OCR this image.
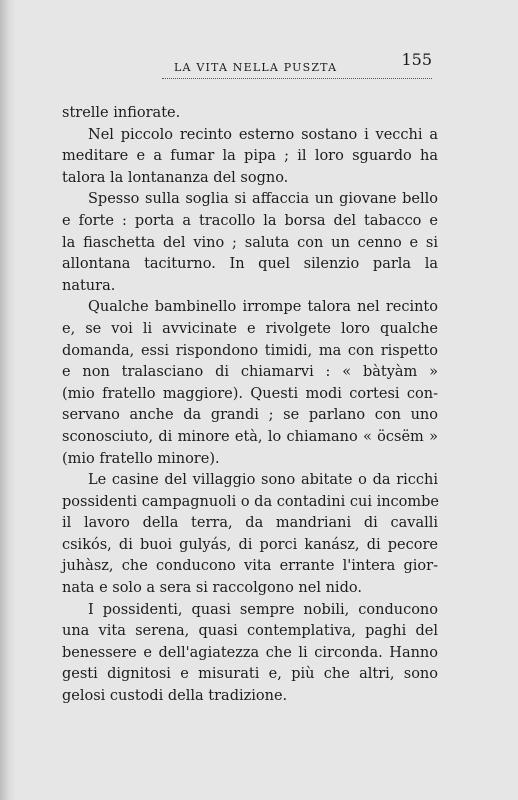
LA VITA NELLA PUSZTA	155
strelle infiorate.
Nel piccolo recinto esterno sostano i vecchi a
meditare e a fumar la pipa ; il loro sguardo ha
talora la lontananza del sogno.
Spesso sulla soglia si affaccia un giovane bello
e forte : porta a tracollo la borsa del tabacco e
la fiaschetta del vino ; saluta con un cenno e si
allontana taciturno. In quel silenzio parla la
natura.
Qualche bambinello irrompe talora nel recinto
e, se voi li avvicinate e rivolgete loro qualche
domanda, essi rispondono timidi, ma con rispetto
e non tralasciano di chiamarvi : « bàtyàm »
(mio fratello maggiore). Questi modi cortesi con-
servano anche da grandi ; se parlano con uno
sconosciuto, di minore età, lo chiamano « öcsëm »
(mio fratello minore).
Le casine del villaggio sono abitate o da ricchi
possidenti campagnuoli o da contadini cui incombe
il lavoro della terra, da mandriani di cavalli
csikós, di buoi gulyás, di porci kanász, di pecore
juhàsz, che conducono vita errante l'intera gior-
nata e solo a sera si raccolgono nel nido.
I possidenti, quasi sempre nobili, conducono
una vita serena, quasi contemplativa, paghi del
benessere e dell'agiatezza che li circonda. Hanno
gesti dignitosi e misurati e, più che altri, sono
gelosi custodi della tradizione.
